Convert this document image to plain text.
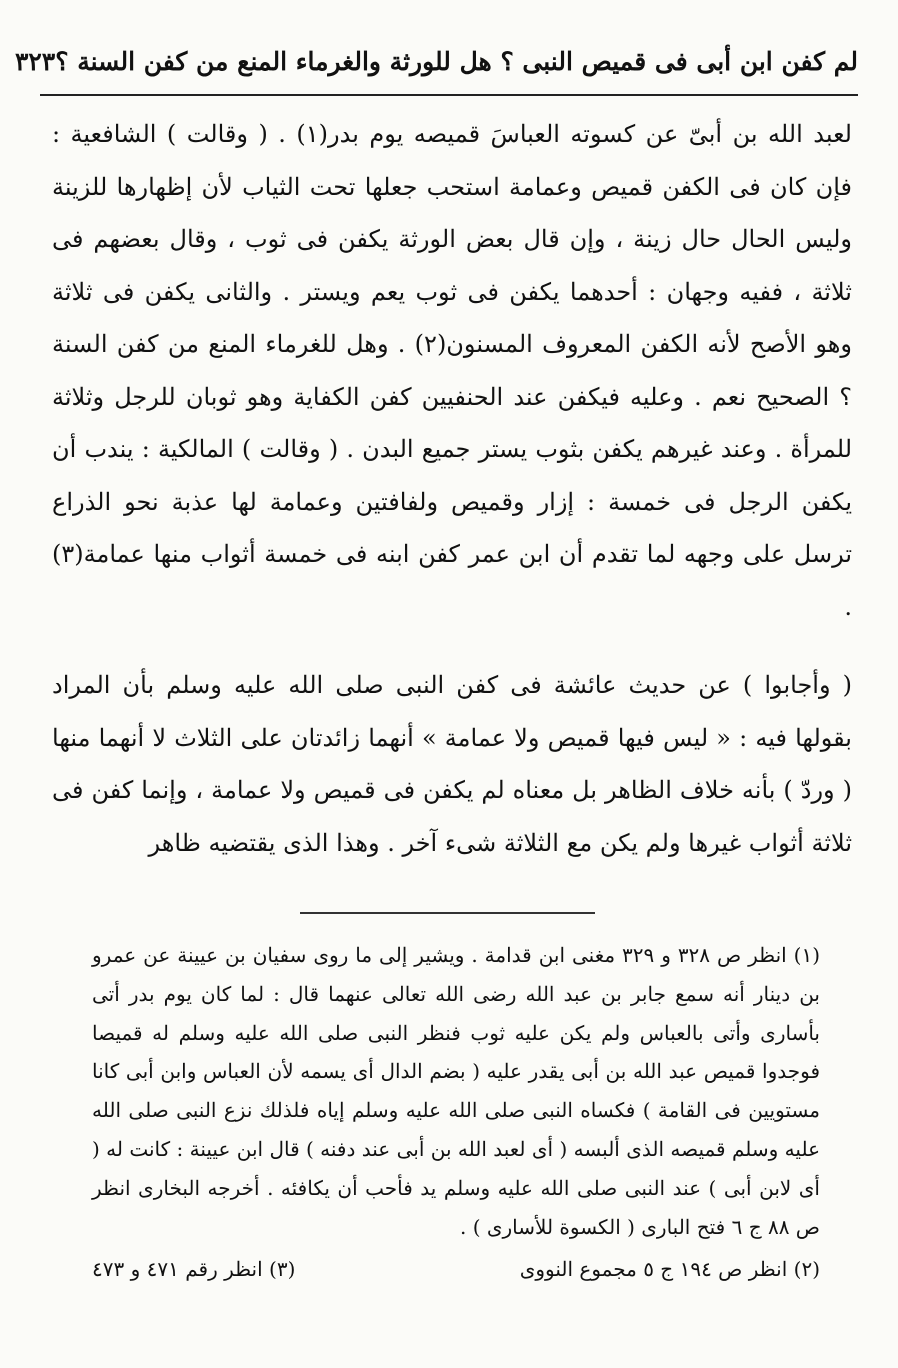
لم كفن ابن أبى فى قميص النبى ؟ هل للورثة والغرماء المنع من كفن السنة ؟
٣٢٣

لعبد الله بن أبىّ عن كسوته العباسَ قميصه يوم بدر(١) . ( وقالت ) الشافعية : فإن كان فى الكفن قميص وعمامة استحب جعلها تحت الثياب لأن إظهارها للزينة وليس الحال حال زينة ، وإن قال بعض الورثة يكفن فى ثوب ، وقال بعضهم فى ثلاثة ، ففيه وجهان : أحدهما يكفن فى ثوب يعم ويستر . والثانى يكفن فى ثلاثة وهو الأصح لأنه الكفن المعروف المسنون(٢) . وهل للغرماء المنع من كفن السنة ؟ الصحيح نعم . وعليه فيكفن عند الحنفيين كفن الكفاية وهو ثوبان للرجل وثلاثة للمرأة . وعند غيرهم يكفن بثوب يستر جميع البدن . ( وقالت ) المالكية : يندب أن يكفن الرجل فى خمسة : إزار وقميص ولفافتين وعمامة لها عذبة نحو الذراع ترسل على وجهه لما تقدم أن ابن عمر كفن ابنه فى خمسة أثواب منها عمامة(٣) .

( وأجابوا ) عن حديث عائشة فى كفن النبى صلى الله عليه وسلم بأن المراد بقولها فيه : « ليس فيها قميص ولا عمامة » أنهما زائدتان على الثلاث لا أنهما منها ( وردّ ) بأنه خلاف الظاهر بل معناه لم يكفن فى قميص ولا عمامة ، وإنما كفن فى ثلاثة أثواب غيرها ولم يكن مع الثلاثة شىء آخر . وهذا الذى يقتضيه ظاهر

(١) انظر ص ٣٢٨ و ٣٢٩ مغنى ابن قدامة . ويشير إلى ما روى سفيان بن عيينة عن عمرو بن دينار أنه سمع جابر بن عبد الله رضى الله تعالى عنهما قال : لما كان يوم بدر أتى بأسارى وأتى بالعباس ولم يكن عليه ثوب فنظر النبى صلى الله عليه وسلم له قميصا فوجدوا قميص عبد الله بن أبى يقدر عليه ( بضم الدال أى يسمه لأن العباس وابن أبى كانا مستويين فى القامة ) فكساه النبى صلى الله عليه وسلم إياه فلذلك نزع النبى صلى الله عليه وسلم قميصه الذى ألبسه ( أى لعبد الله بن أبى عند دفنه ) قال ابن عيينة : كانت له ( أى لابن أبى ) عند النبى صلى الله عليه وسلم يد فأحب أن يكافئه . أخرجه البخارى انظر ص ٨٨ ج ٦ فتح البارى ( الكسوة للأسارى ) .

(٢) انظر ص ١٩٤ ج ٥ مجموع النووى
(٣) انظر رقم ٤٧١ و ٤٧٣
